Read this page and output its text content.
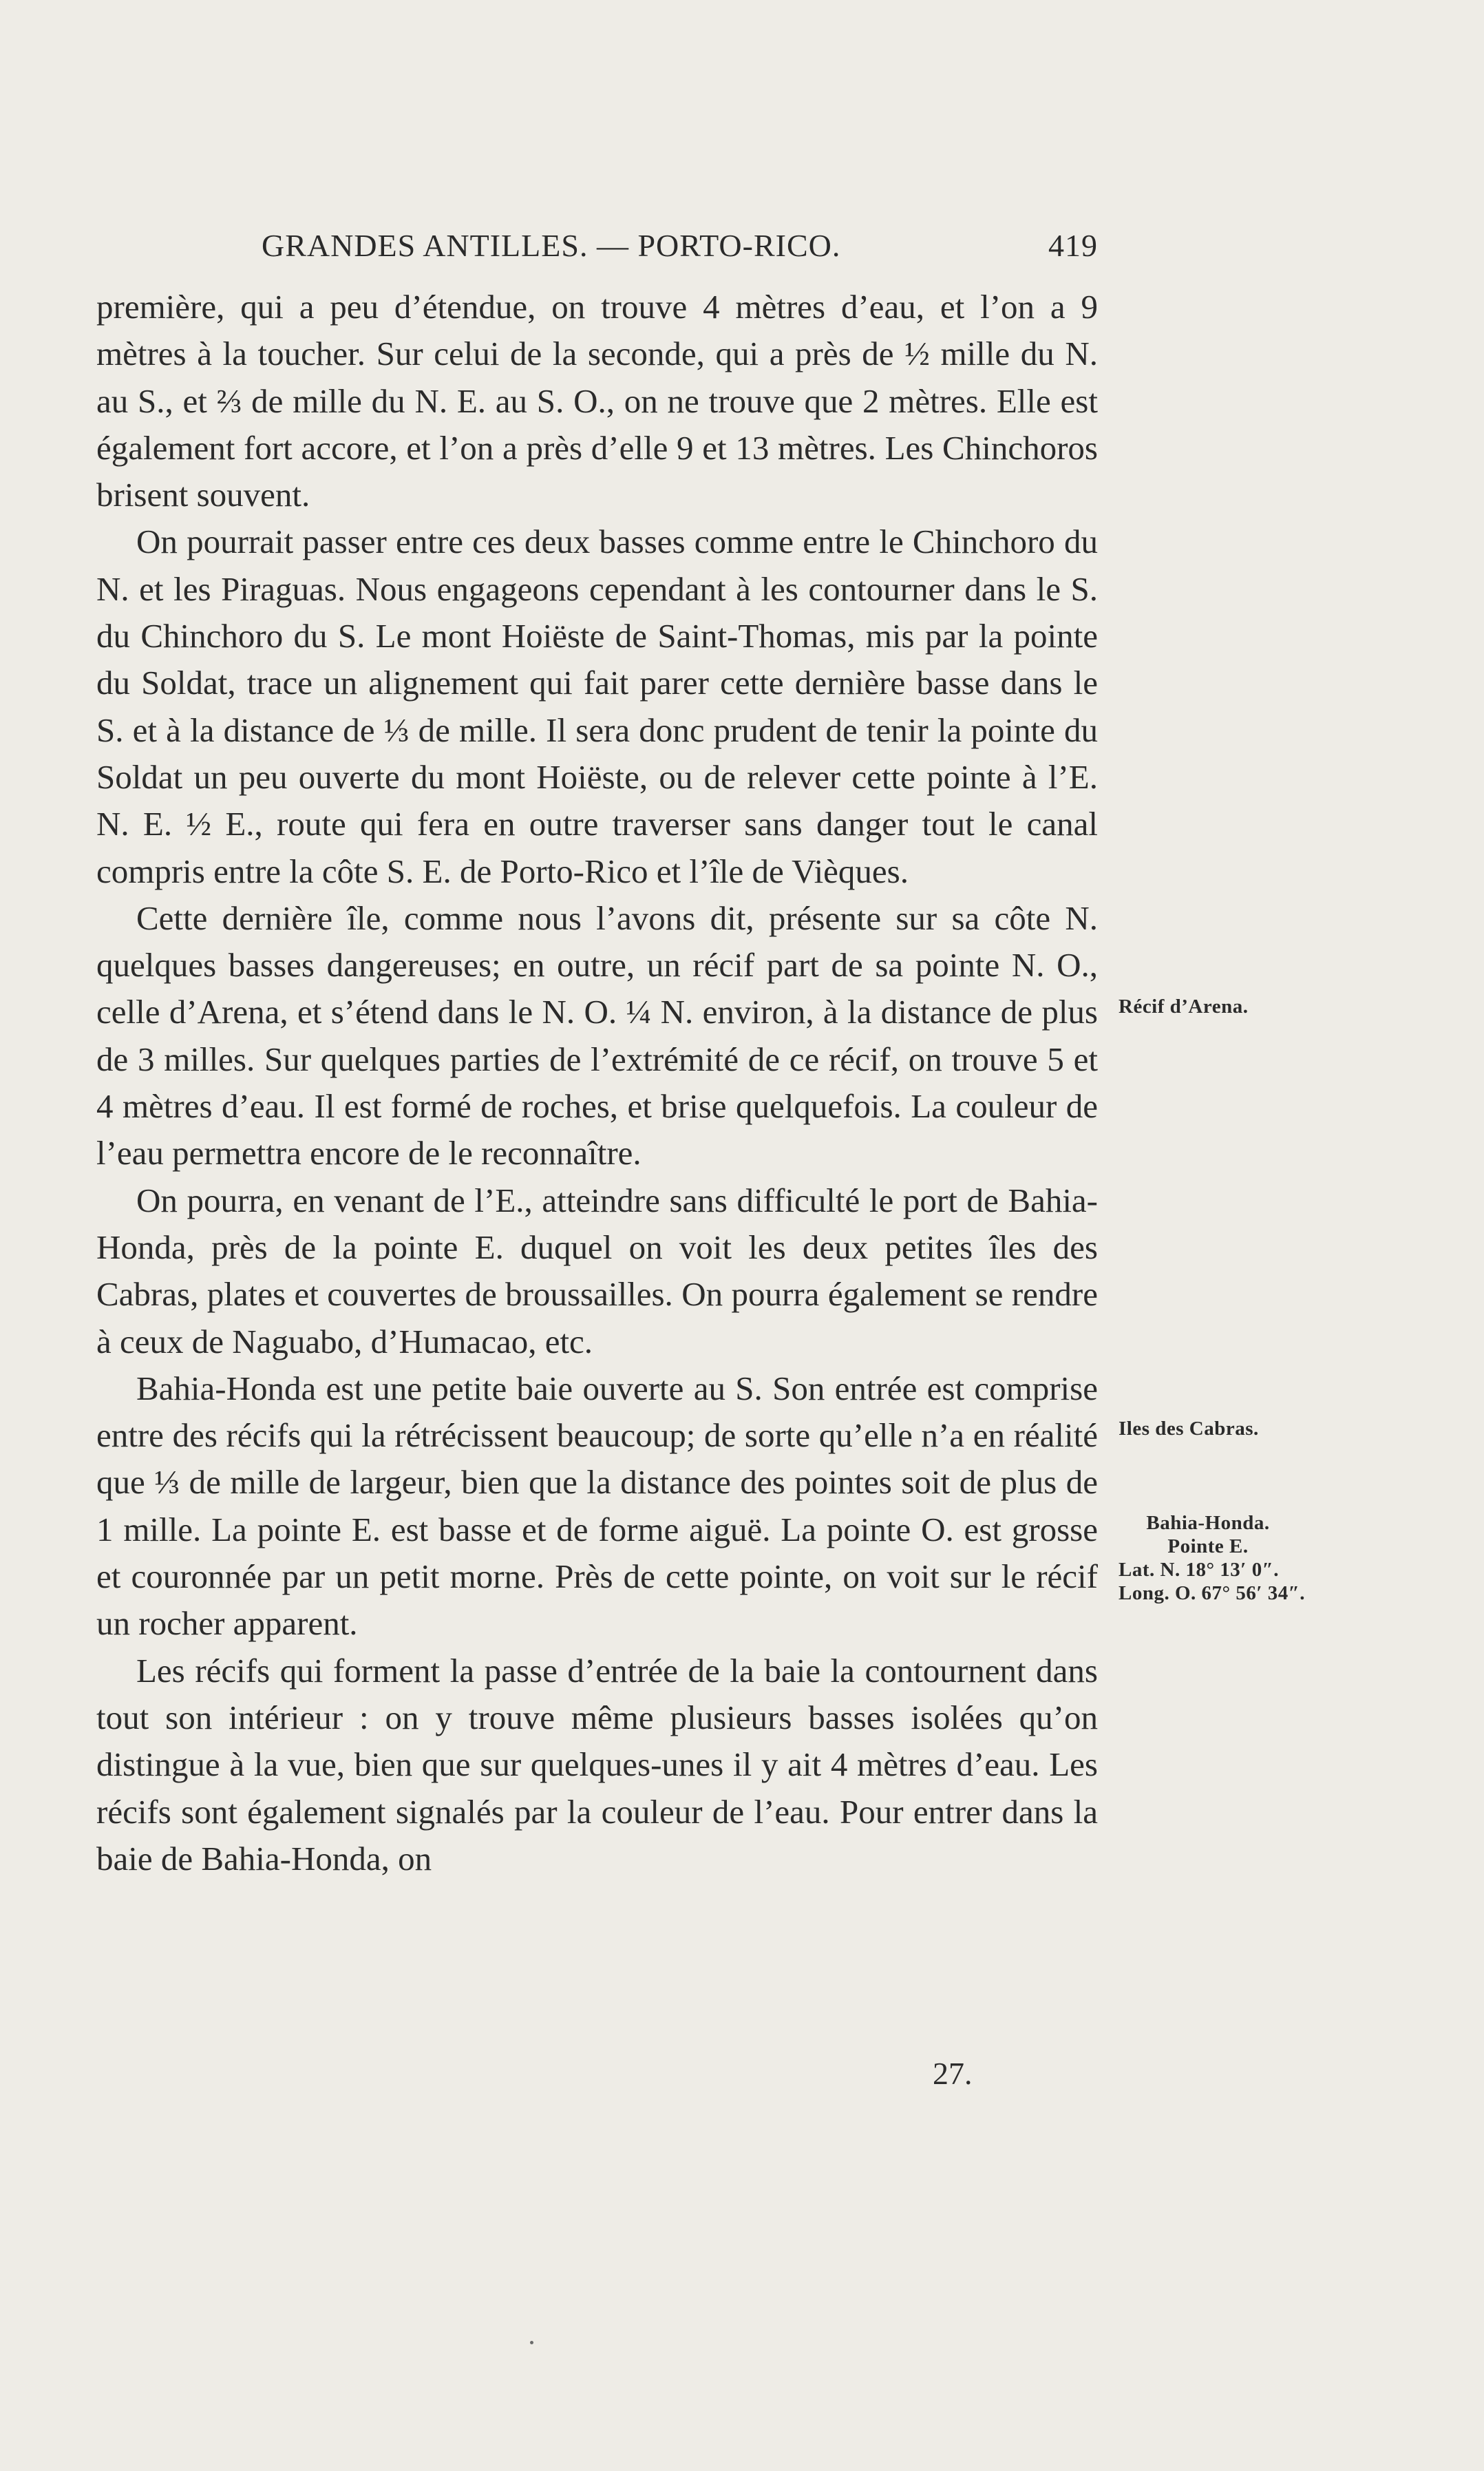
GRANDES ANTILLES. — PORTO-RICO.	419

première, qui a peu d’étendue, on trouve 4 mètres d’eau, et l’on a 9 mètres à la toucher. Sur celui de la seconde, qui a près de ½ mille du N. au S., et ⅔ de mille du N. E. au S. O., on ne trouve que 2 mètres. Elle est également fort accore, et l’on a près d’elle 9 et 13 mètres. Les Chinchoros brisent souvent.

On pourrait passer entre ces deux basses comme entre le Chinchoro du N. et les Piraguas. Nous engageons cependant à les contourner dans le S. du Chinchoro du S. Le mont Hoiëste de Saint-Thomas, mis par la pointe du Soldat, trace un alignement qui fait parer cette dernière basse dans le S. et à la distance de ⅓ de mille. Il sera donc prudent de tenir la pointe du Soldat un peu ouverte du mont Hoiëste, ou de relever cette pointe à l’E. N. E. ½ E., route qui fera en outre traverser sans danger tout le canal compris entre la côte S. E. de Porto-Rico et l’île de Vièques.

Cette dernière île, comme nous l’avons dit, présente sur sa côte N. quelques basses dangereuses; en outre, un récif part de sa pointe N. O., celle d’Arena, et s’étend dans le N. O. ¼ N. environ, à la distance de plus de 3 milles. Sur quelques parties de l’extrémité de ce récif, on trouve 5 et 4 mètres d’eau. Il est formé de roches, et brise quelquefois. La couleur de l’eau permettra encore de le reconnaître.

On pourra, en venant de l’E., atteindre sans difficulté le port de Bahia-Honda, près de la pointe E. duquel on voit les deux petites îles des Cabras, plates et couvertes de broussailles. On pourra également se rendre à ceux de Naguabo, d’Humacao, etc.

Bahia-Honda est une petite baie ouverte au S. Son entrée est comprise entre des récifs qui la rétrécissent beaucoup; de sorte qu’elle n’a en réalité que ⅓ de mille de largeur, bien que la distance des pointes soit de plus de 1 mille. La pointe E. est basse et de forme aiguë. La pointe O. est grosse et couronnée par un petit morne. Près de cette pointe, on voit sur le récif un rocher apparent.

Les récifs qui forment la passe d’entrée de la baie la contournent dans tout son intérieur : on y trouve même plusieurs basses isolées qu’on distingue à la vue, bien que sur quelques-unes il y ait 4 mètres d’eau. Les récifs sont également signalés par la couleur de l’eau. Pour entrer dans la baie de Bahia-Honda, on

Récif d’Arena.
Iles des Cabras.
Bahia-Honda.
Pointe E.
Lat. N. 18° 13′ 0″.
Long. O. 67° 56′ 34″.
27.
